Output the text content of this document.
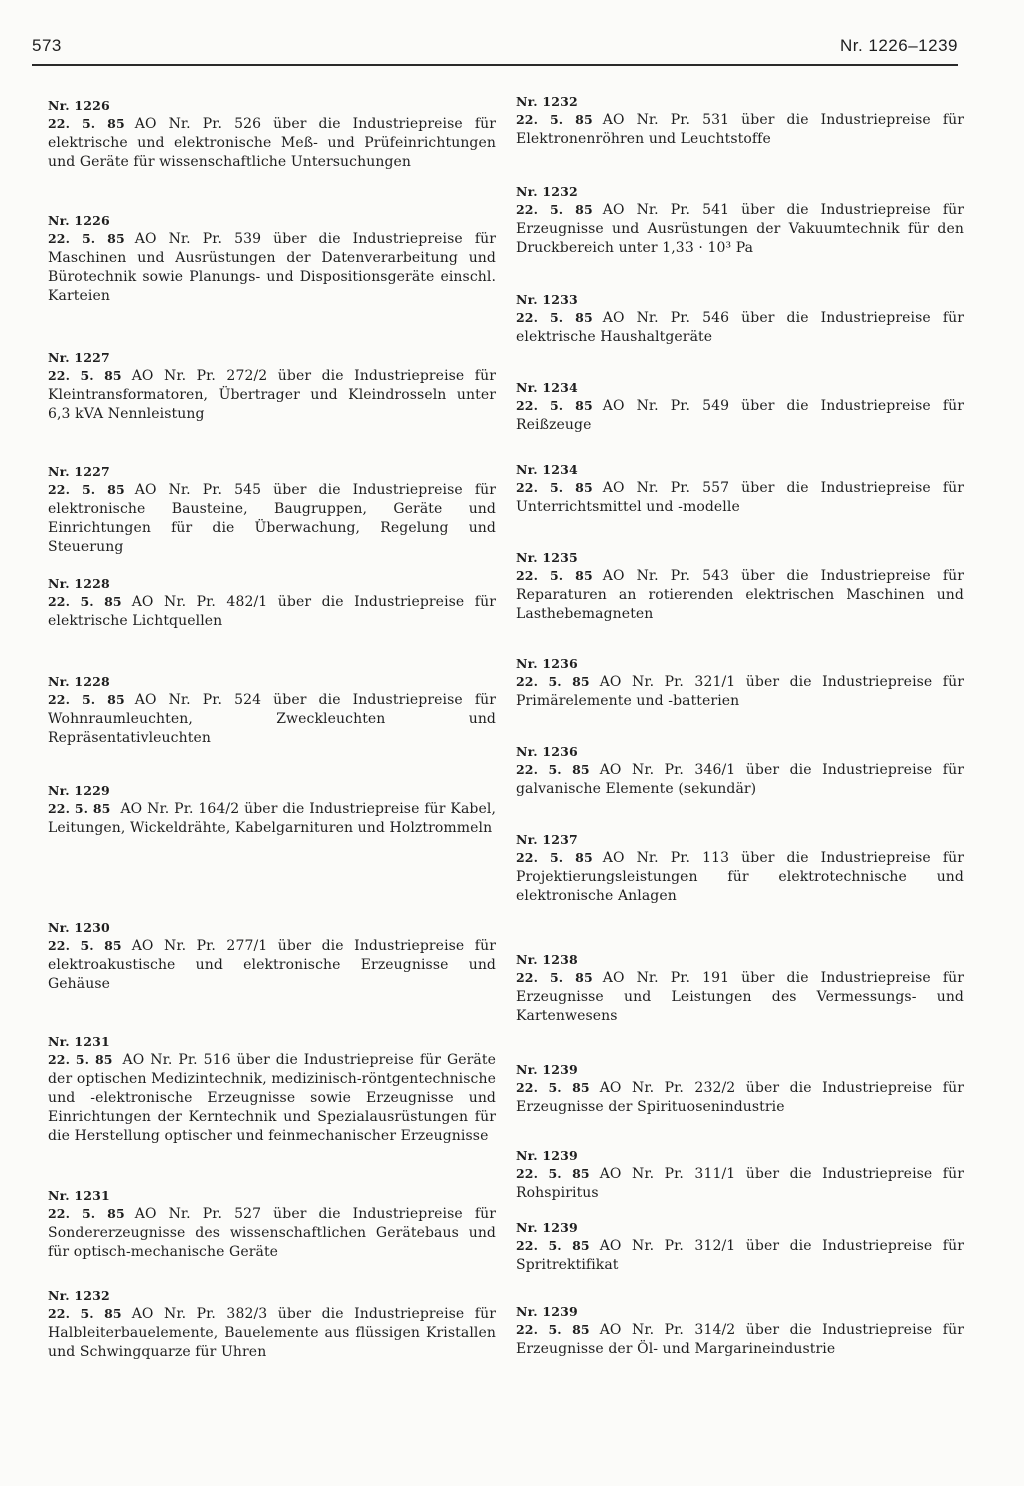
573	Nr. 1226–1239
Nr. 1226

22. 5. 85 AO Nr. Pr. 526 über die Industriepreise für elektrische und elektronische Meß- und Prüfeinrichtungen und Geräte für wissenschaftliche Untersuchungen

Nr. 1226

22. 5. 85 AO Nr. Pr. 539 über die Industriepreise für Maschinen und Ausrüstungen der Datenverarbeitung und Bürotechnik sowie Planungs- und Dispositionsgeräte einschl. Karteien

Nr. 1227

22. 5. 85 AO Nr. Pr. 272/2 über die Industriepreise für Kleintransformatoren, Übertrager und Kleindrosseln unter 6,3 kVA Nennleistung

Nr. 1227

22. 5. 85 AO Nr. Pr. 545 über die Industriepreise für elektronische Bausteine, Baugruppen, Geräte und Einrichtungen für die Überwachung, Regelung und Steuerung

Nr. 1228

22. 5. 85 AO Nr. Pr. 482/1 über die Industriepreise für elektrische Lichtquellen

Nr. 1228

22. 5. 85 AO Nr. Pr. 524 über die Industriepreise für Wohnraumleuchten, Zweckleuchten und Repräsentativleuchten

Nr. 1229

22. 5. 85 AO Nr. Pr. 164/2 über die Industriepreise für Kabel, Leitungen, Wickeldrähte, Kabelgarnituren und Holztrommeln

Nr. 1230

22. 5. 85 AO Nr. Pr. 277/1 über die Industriepreise für elektroakustische und elektronische Erzeugnisse und Gehäuse

Nr. 1231

22. 5. 85 AO Nr. Pr. 516 über die Industriepreise für Geräte der optischen Medizintechnik, medizinisch-röntgentechnische und -elektronische Erzeugnisse sowie Erzeugnisse und Einrichtungen der Kerntechnik und Spezialausrüstungen für die Herstellung optischer und feinmechanischer Erzeugnisse

Nr. 1231

22. 5. 85 AO Nr. Pr. 527 über die Industriepreise für Sondererzeugnisse des wissenschaftlichen Gerätebaus und für optisch-mechanische Geräte

Nr. 1232

22. 5. 85 AO Nr. Pr. 382/3 über die Industriepreise für Halbleiterbauelemente, Bauelemente aus flüssigen Kristallen und Schwingquarze für Uhren

Nr. 1232

22. 5. 85 AO Nr. Pr. 531 über die Industriepreise für Elektronenröhren und Leuchtstoffe

Nr. 1232

22. 5. 85 AO Nr. Pr. 541 über die Industriepreise für Erzeugnisse und Ausrüstungen der Vakuumtechnik für den Druckbereich unter 1,33 · 10³ Pa

Nr. 1233

22. 5. 85 AO Nr. Pr. 546 über die Industriepreise für elektrische Haushaltgeräte

Nr. 1234

22. 5. 85 AO Nr. Pr. 549 über die Industriepreise für Reißzeuge

Nr. 1234

22. 5. 85 AO Nr. Pr. 557 über die Industriepreise für Unterrichtsmittel und -modelle

Nr. 1235

22. 5. 85 AO Nr. Pr. 543 über die Industriepreise für Reparaturen an rotierenden elektrischen Maschinen und Lasthebemagneten

Nr. 1236

22. 5. 85 AO Nr. Pr. 321/1 über die Industriepreise für Primärelemente und -batterien

Nr. 1236

22. 5. 85 AO Nr. Pr. 346/1 über die Industriepreise für galvanische Elemente (sekundär)

Nr. 1237

22. 5. 85 AO Nr. Pr. 113 über die Industriepreise für Projektierungsleistungen für elektrotechnische und elektronische Anlagen

Nr. 1238

22. 5. 85 AO Nr. Pr. 191 über die Industriepreise für Erzeugnisse und Leistungen des Vermessungs- und Kartenwesens

Nr. 1239

22. 5. 85 AO Nr. Pr. 232/2 über die Industriepreise für Erzeugnisse der Spirituosenindustrie

Nr. 1239

22. 5. 85 AO Nr. Pr. 311/1 über die Industriepreise für Rohspiritus

Nr. 1239

22. 5. 85 AO Nr. Pr. 312/1 über die Industriepreise für Spritrektifikat

Nr. 1239

22. 5. 85 AO Nr. Pr. 314/2 über die Industriepreise für Erzeugnisse der Öl- und Margarineindustrie
